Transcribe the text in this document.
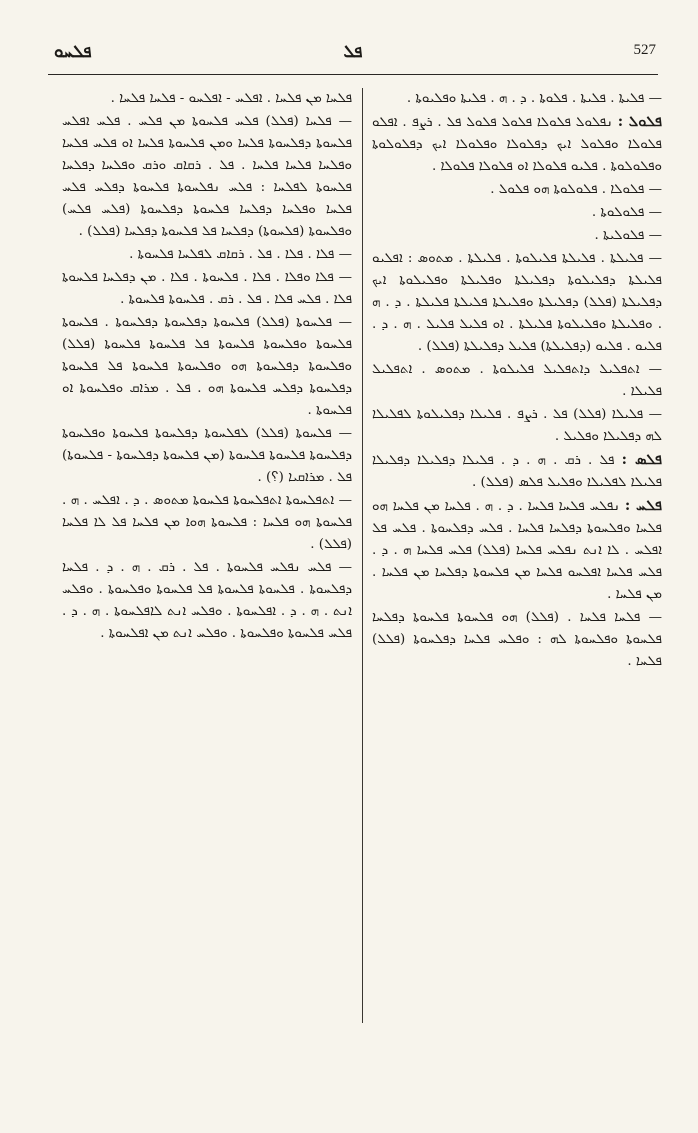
ܦܠܚܘ	ܦܠ	527

— ܦܠܝܬܐ . ܦܠܝܬܐ . ܦܠܘܬܐ . ܕ . ܗ . ܦܠܝܬܐ ܘܦܠܝܘܬܐ .

ܦܠܘܠ : ܢܦܠܘܠ ܦܠܘܠܐ ܦܠܘܠ ܦܠܘܠ ܦܠ . ܪܨܦ . ܐܦܠܘ ܦܠܘܠܐ ܘܦܠܘܠ ܐܝܟ ܕܦܠܘܠܐ ܘܦܠܘܠܐ ܐܝܟ ܕܦܠܘܠܘܬܐ ܘܦܠܘܠܘܬܐ . ܦܠܝܘ ܦܠܘܠܐ ܐܘ ܦܠܘܠܐ ܦܠܘܠܐ .

— ܦܠܘܠܐ . ܦܠܘܠܘܬܐ ܗܘ ܦܠܘܠ .

— ܦܠܘܠܘܬܐ .

— ܦܠܘܠܝܬܐ .

— ܦܠܝܠܬܐ . ܦܠܝܠܬܐ ܦܠܝܠܘܬܐ . ܦܠܝܠܬܐ . ܡܬܘܣ : ܐܦܠܝܘ ܦܠܝܠܬܐ ܕܦܠܝܠܘܬܐ ܕܦܠܝܠܬܐ ܘܦܠܝܠܬܐ ܘܦܠܝܠܘܬܐ ܐܝܟ ܕܦܠܝܠܬܐ (ܦܠܠ) ܕܦܠܝܠܬܐ ܘܦܠܝܠܬܐ ܦܠܝܠܬܐ ܦܠܝܠܬܐ . ܕ . ܗ . ܘܦܠܝܠܬܐ ܘܦܠܝܠܘܬܐ ܦܠܝܠܬܐ . ܐܘ ܦܠܝܠ ܦܠܝܠ . ܗ . ܕ . ܦܠܝܘ . ܦܠܝܘ (ܕܦܠܝܠܬܐ) ܦܠܝܠ ܕܦܠܝܠܬܐ (ܦܠܠ) .

— ܐܬܦܠܝܠ ܕܐܬܦܠܝܠ ܦܠܝܠܘܬܐ . ܡܬܘܣ . ܐܬܦܠܝܠ ܦܠܝܠܐ .

— ܦܠܝܠܐ (ܦܠܠ) ܦܠ . ܪܨܦ . ܦܠܝܠܐ ܕܦܠܝܠܘܬܐ ܠܦܠܝܠܐ ܠܗ ܕܦܠܝܠܐ ܘܦܠܝܠ .

ܦܠܣ : ܦܠ . ܪܩ . ܗ . ܕ . ܦܠܝܠܐ ܕܦܠܝܠܐ ܕܦܠܝܠܐ ܦܠܝܠܐ ܠܦܠܝܠܐ ܘܦܠܝܠ ܦܠܣ (ܦܠܠ) .

ܦܠܚ : ܢܦܠܚ ܦܠܚܐ ܦܠܚܐ . ܕ . ܗ . ܦܠܚܐ ܡܢ ܦܠܚܐ ܗܘ ܦܠܚܐ ܘܦܠܚܘܬܐ ܕܦܠܚܐ ܦܠܚܐ . ܦܠܚ ܕܦܠܚܘܬܐ . ܦܠܚ ܦܠ ܐܦܠܚ . ܠܐ ܐܢܬ ܢܦܠܚ ܦܠܚܐ (ܦܠܠ) ܦܠܚ ܦܠܚܐ ܗ . ܕ . ܦܠܚ ܦܠܚܐ ܐܦܠܚܘ ܦܠܚܐ ܡܢ ܦܠܚܘܬܐ ܕܦܠܚܐ ܡܢ ܦܠܚܐ . ܡܢ ܦܠܚܐ .

— ܦܠܚܐ ܦܠܚܐ . (ܦܠܠ) ܗܘ ܦܠܚܘܬܐ ܦܠܚܘܬܐ ܕܦܠܚܐ ܦܠܚܘܬܐ ܘܦܠܚܘܬܐ ܠܗ : ܘܦܠܚ ܦܠܚܐ ܕܦܠܚܘܬܐ (ܦܠܠ) ܦܠܚܐ .

ܦܠܚܐ ܡܢ ܦܠܚܐ . ܐܦܠܚ - ܐܦܠܚܘ - ܦܠܚܐ ܦܠܚܐ .

— ܦܠܚܐ (ܦܠܠ) ܦܠܚ ܦܠܚܘܬܐ ܡܢ ܦܠܚ . ܦܠܚ ܐܦܠܚ ܦܠܚܘܬܐ ܕܦܠܚܘܬܐ ܦܠܚܐ ܘܡܢ ܦܠܚܘܬܐ ܦܠܚܐ ܐܘ ܦܠܚ ܦܠܚܐ ܘܦܠܚܐ ܦܠܚܐ ܦܠܚܐ . ܦܠ . ܪܩܐܩ ܘܪܩ ܘܦܠܚܐ ܕܦܠܚܐ ܦܠܚܘܬܐ ܠܦܠܚܐ : ܦܠܚ ܢܦܠܚܘܬܐ ܦܠܚܘܬܐ ܕܦܠܚ ܦܠܚ ܦܠܚܐ ܘܦܠܚܐ ܕܦܠܚܐ ܦܠܚܘܬܐ ܕܦܠܚܘܬܐ (ܦܠܚ ܦܠܚ) ܘܦܠܚܘܬܐ (ܦܠܚܘܬܐ) ܕܦܠܚܐ ܦܠ ܦܠܚܘܬܐ ܕܦܠܚܐ (ܦܠܠ) .

— ܦܠܐ . ܦܠܐ . ܦܠ . ܪܩܐܩ ܠܦܠܚܐ ܦܠܚܘܬܐ .

— ܦܠܐ ܘܦܠܐ . ܦܠܐ . ܦܠܚܘܬܐ . ܦܠܐ . ܡܢ ܕܦܠܚܐ ܦܠܚܘܬܐ ܦܠܐ . ܦܠܚ ܦܠܐ . ܦܠ . ܪܩ . ܦܠܚܘܬܐ ܦܠܚܘܬܐ .

— ܦܠܚܘܬܐ (ܦܠܠ) ܦܠܚܘܬܐ ܕܦܠܚܘܬܐ ܕܦܠܚܘܬܐ . ܦܠܚܘܬܐ ܦܠܚܘܬܐ ܘܦܠܚܘܬܐ ܦܠܚܘܬܐ ܦܠ ܦܠܚܘܬܐ ܦܠܚܘܬܐ (ܦܠܠ) ܘܦܠܚܘܬܐ ܕܦܠܚܘܬܐ ܗܘ ܘܦܠܚܘܬܐ ܦܠܚܘܬܐ ܦܠ ܦܠܚܘܬܐ ܕܦܠܚܘܬܐ ܕܦܠܚ ܦܠܚܘܬܐ ܗܘ . ܦܠ . ܡܪܐܩ ܘܦܠܚܘܬܐ ܐܘ ܦܠܚܘܬܐ .

— ܦܠܚܘܬܐ (ܦܠܠ) ܠܦܠܚܘܬܐ ܕܦܠܚܘܬܐ ܦܠܚܘܬܐ ܘܦܠܚܘܬܐ ܕܦܠܚܘܬܐ ܦܠܚܘܬܐ ܦܠܚܘܬܐ (ܡܢ ܦܠܚܘܬܐ ܕܦܠܚܘܬܐ - ܦܠܚܘܬܐ) ܦܠ . ܡܪܐܩܝܐ (؟) .

— ܐܬܦܠܚܘܬܐ ܐܬܦܠܚܘܬܐ ܦܠܚܘܬܐ ܡܬܘܣ . ܕ . ܐܦܠܚ . ܗ . ܦܠܚܘܬܐ ܗܘ ܦܠܚܐ : ܦܠܚܘܬܐ ܗܘܐ ܡܢ ܦܠܚܐ ܦܠ ܠܐ ܦܠܚܐ (ܦܠܠ) .

— ܦܠܚ ܢܦܠܚ ܦܠܚܘܬܐ . ܦܠ . ܪܩ . ܗ . ܕ . ܦܠܚܐ ܕܦܠܚܘܬܐ . ܦܠܚܘܬܐ ܦܠܚܘܬܐ ܦܠ ܦܠܚܘܬܐ ܘܦܠܚܘܬܐ . ܘܦܠܚ ܐܢܬ . ܗ . ܕ . ܐܦܠܚܘܬܐ . ܘܦܠܚ ܐܢܬ ܠܐܦܠܚܘܬܐ . ܗ . ܕ . ܦܠܚ ܦܠܚܘܬܐ ܘܦܠܚܘܬܐ . ܘܦܠܚ ܐܢܬ ܡܢ ܐܦܠܚܘܬܐ .
